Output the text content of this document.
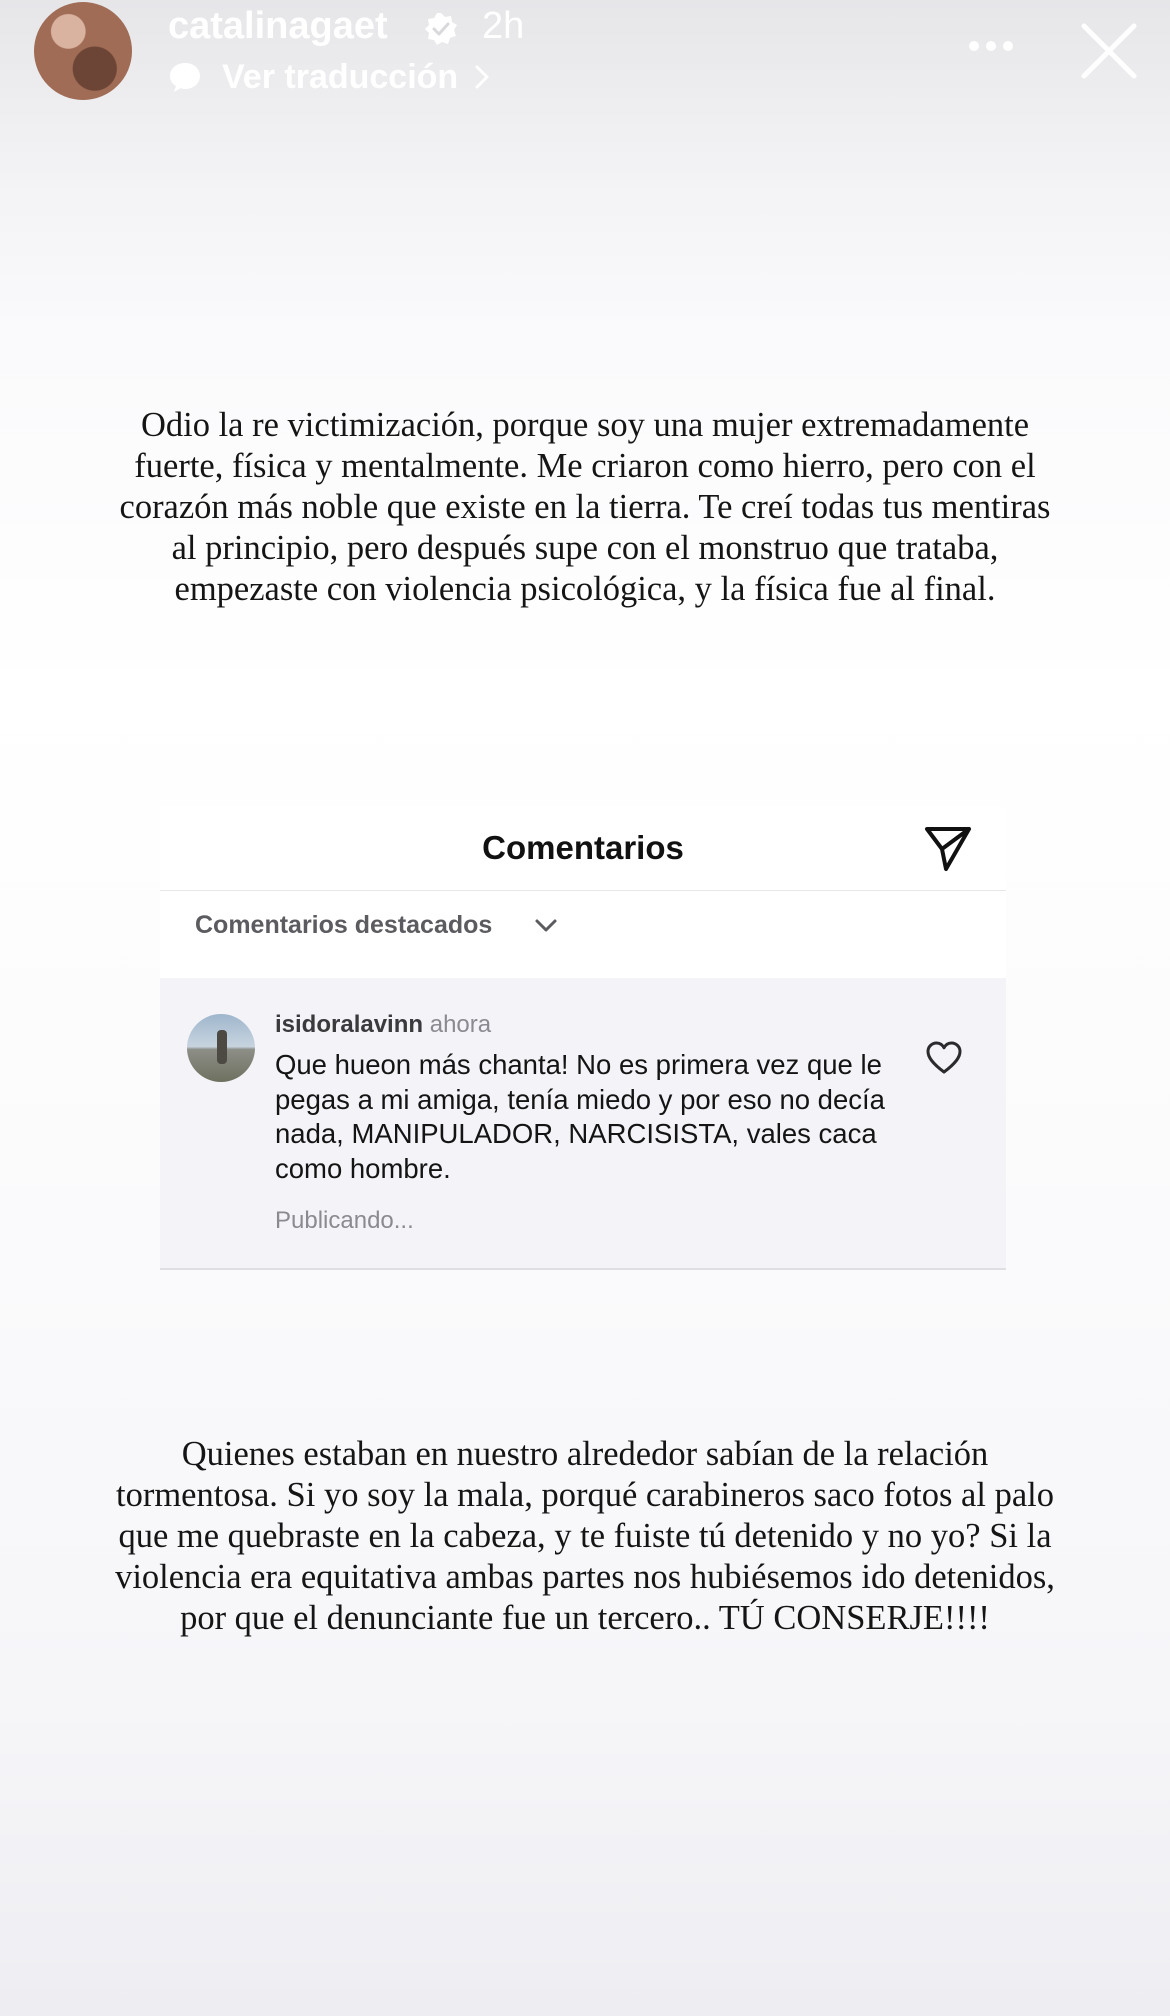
catalinagaet 2h
Ver traducción

Odio la re victimización, porque soy una mujer extremadamente fuerte, física y mentalmente. Me criaron como hierro, pero con el corazón más noble que existe en la tierra. Te creí todas tus mentiras al principio, pero después supe con el monstruo que trataba, empezaste con violencia psicológica, y la física fue al final.

Comentarios
Comentarios destacados
isidoralavinn ahora

Que hueon más chanta! No es primera vez que le pegas a mi amiga, tenía miedo y por eso no decía nada, MANIPULADOR, NARCISISTA, vales caca como hombre.

Publicando...

Quienes estaban en nuestro alrededor sabían de la relación tormentosa. Si yo soy la mala, porqué carabineros saco fotos al palo que me quebraste en la cabeza, y te fuiste tú detenido y no yo? Si la violencia era equitativa ambas partes nos hubiésemos ido detenidos, por que el denunciante fue un tercero.. TÚ CONSERJE!!!!
